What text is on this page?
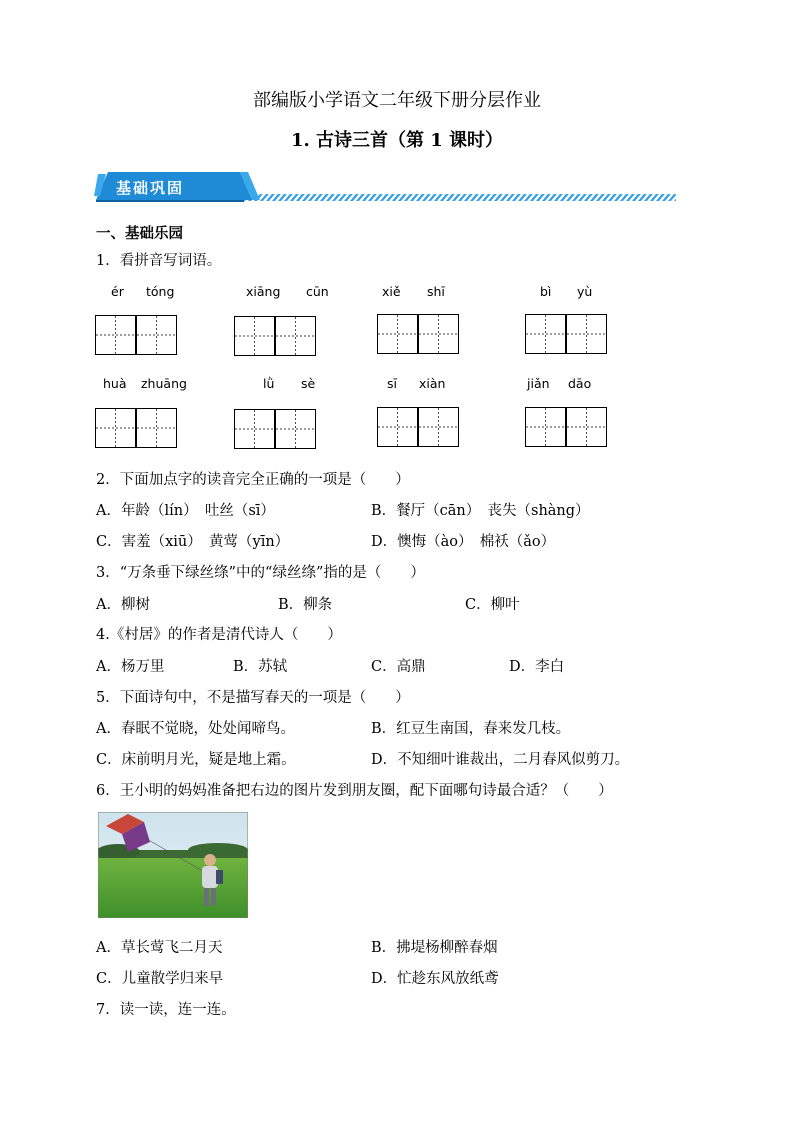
部编版小学语文二年级下册分层作业
1. 古诗三首（第 1 课时）
基础巩固
一、基础乐园
1．看拼音写词语。
ér tóng	xiāng cūn	xiě shī	bì yù
huà zhuāng	lǜ sè	sī xiàn	jiǎn dāo
2．下面加点字的读音完全正确的一项是（　　）
A．年龄（lín）　吐丝（sī）	B．餐厅（cān）　丧失（shàng）
C．害羞（xiū）　黄莺（yīn）	D．懊悔（ào）　棉袄（ǎo）
3．“万条垂下绿丝绦”中的“绿丝绦”指的是（　　）
A．柳树	B．柳条	C．柳叶
4.《村居》的作者是清代诗人（　　）
A．杨万里	B．苏轼	C．高鼎	D．李白
5．下面诗句中，不是描写春天的一项是（　　）
A．春眠不觉晓，处处闻啼鸟。	B．红豆生南国，春来发几枝。
C．床前明月光，疑是地上霜。	D．不知细叶谁裁出，二月春风似剪刀。
6．王小明的妈妈准备把右边的图片发到朋友圈，配下面哪句诗最合适？（　　）
A．草长莺飞二月天	B．拂堤杨柳醉春烟
C．儿童散学归来早	D．忙趁东风放纸鸢
7．读一读，连一连。
